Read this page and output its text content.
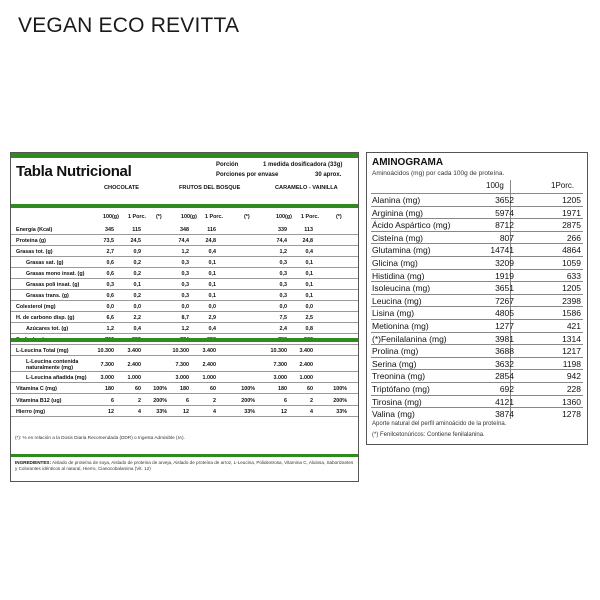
VEGAN ECO REVITTA
Tabla Nutricional	Porción	1 medida dosificadora (33g)
Porciones por envase	30 aprox.
CHOCOLATE	FRUTOS DEL BOSQUE	CARAMELO - VAINILLA
100(g) 1 Porc. (*)	100(g) 1 Porc.	(*)	100(g) 1 Porc.	(*)
Energía (Kcal)	345	115	348	116	339	113
Proteína (g)	73,5	24,5	74,4	24,8	74,4	24,8
Grasas tot. (g)	2,7	0,9	1,2	0,4	1,2	0,4
Grasas sat. (g)	0,6	0,2	0,3	0,1	0,3	0,1
Grasas mono insat. (g)	0,6	0,2	0,3	0,1	0,3	0,1
Grasas poli insat. (g)	0,3	0,1	0,3	0,1	0,3	0,1
Grasas trans. (g)	0,6	0,2	0,3	0,1	0,3	0,1
Colesterol (mg)	0,0	0,0	0,0	0,0	0,0	0,0
H. de carbono disp. (g)	6,6	2,2	8,7	2,9	7,5	2,5
Azúcares tot. (g)	1,2	0,4	1,2	0,4	2,4	0,8
L-Leucina Total (mg)	10.300	3.400	10.300	3.400	10.300	3.400
L-Leucina contenida naturalmente (mg)	7.300	2.400	7.300	2.400	7.300	2.400
L-Leucina añadida (mg)	3.000	1.000	3.000	1.000	3.000	1.000
Vitamina C (mg)	180	60	100%	180	60	100%	180	60	100%
Vitamina B12 (ug)	6	2	200%	6	2	200%	6	2	200%
Hierro (mg)	12	4	33%	12	4	33%	12	4	33%
(*): % en relación a la Dosis Diaria Recomendada (DDR) o Ingesta Admisible (IA).
INGREDIENTES: Aislado de proteína de soya, Aislado de proteína de arveja, Aislado de proteína de arroz, L-Leucina, Polidextrosa, Vitamina C, Alulosa, Saborizantes y Colorantes idénticos al natural, Hierro, Cianocobalamina (Vit. 12)
AMINOGRAMA
Aminoácidos (mg) por cada 100g de proteína.
100g	1Porc.
Alanina (mg)	3652	1205
Arginina (mg)	5974	1971
Ácido Aspártico (mg)	8712	2875
Cisteína (mg)	807	266
Glutamina (mg)	14741	4864
Glicina (mg)	3209	1059
Histidina (mg)	1919	633
Isoleucina (mg)	3651	1205
Leucina (mg)	7267	2398
Lisina (mg)	4805	1586
Metionina (mg)	1277	421
(*)Fenilalanina (mg)	3981	1314
Prolina (mg)	3688	1217
Serina (mg)	3632	1198
Treonina (mg)	2854	942
Triptófano (mg)	692	228
Tirosina (mg)	4121	1360
Valina (mg)	3874	1278
Aporte natural del perfil aminoácido de la proteína.
(*) Fenilcetonúricos: Contiene fenilalanina.
